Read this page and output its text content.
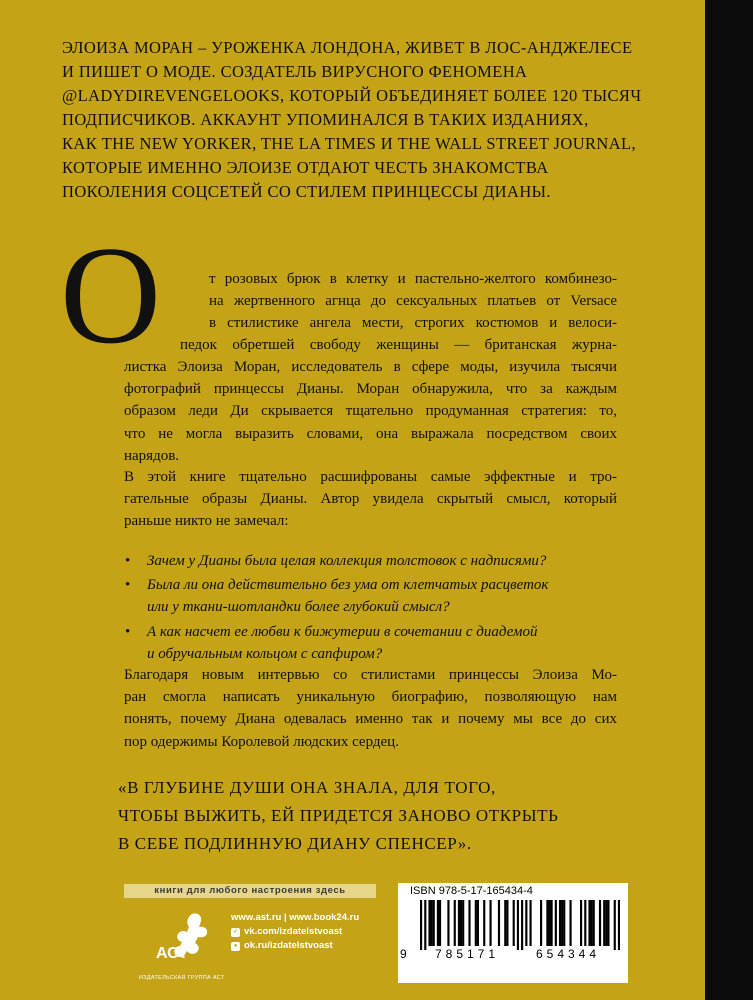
ЭЛОИЗА МОРАН – УРОЖЕНКА ЛОНДОНА, ЖИВЕТ В ЛОС-АНДЖЕЛЕСЕ
И ПИШЕТ О МОДЕ. СОЗДАТЕЛЬ ВИРУСНОГО ФЕНОМЕНА
@LADYDIREVENGELOOKS, КОТОРЫЙ ОБЪЕДИНЯЕТ БОЛЕЕ 120 ТЫСЯЧ
ПОДПИСЧИКОВ. АККАУНТ УПОМИНАЛСЯ В ТАКИХ ИЗДАНИЯХ,
КАК THE NEW YORKER, THE LA TIMES И THE WALL STREET JOURNAL,
КОТОРЫЕ ИМЕННО ЭЛОИЗЕ ОТДАЮТ ЧЕСТЬ ЗНАКОМСТВА
ПОКОЛЕНИЯ СОЦСЕТЕЙ СО СТИЛЕМ ПРИНЦЕССЫ ДИАНЫ.
О	т розовых брюк в клетку и пастельно-желтого комбинезо-
на жертвенного агнца до сексуальных платьев от Versace
в стилистике ангела мести, строгих костюмов и велоси-
педок обретшей свободу женщины — британская журна-
листка Элоиза Моран, исследователь в сфере моды, изучила тысячи
фотографий принцессы Дианы. Моран обнаружила, что за каждым
образом леди Ди скрывается тщательно продуманная стратегия: то,
что не могла выразить словами, она выражала посредством своих
нарядов.
В этой книге тщательно расшифрованы самые эффектные и тро-
гательные образы Дианы. Автор увидела скрытый смысл, который
раньше никто не замечал:
• Зачем у Дианы была целая коллекция толстовок с надписями?
• Была ли она действительно без ума от клетчатых расцветок
или у ткани-шотландки более глубокий смысл?
• А как насчет ее любви к бижутерии в сочетании с диадемой
и обручальным кольцом с сапфиром?
Благодаря новым интервью со стилистами принцессы Элоиза Мо-
ран смогла написать уникальную биографию, позволяющую нам
понять, почему Диана одевалась именно так и почему мы все до сих
пор одержимы Королевой людских сердец.
«В ГЛУБИНЕ ДУШИ ОНА ЗНАЛА, ДЛЯ ТОГО,
ЧТОБЫ ВЫЖИТЬ, ЕЙ ПРИДЕТСЯ ЗАНОВО ОТКРЫТЬ
В СЕБЕ ПОДЛИННУЮ ДИАНУ СПЕНСЕР».
книги для любого настроения здесь
АСТ
ИЗДАТЕЛЬСКАЯ ГРУППА АСТ
www.ast.ru | www.book24.ru
✓ vk.com/izdatelstvoast
● ok.ru/izdatelstvoast
ISBN 978-5-17-165434-4
9	785171	654344
